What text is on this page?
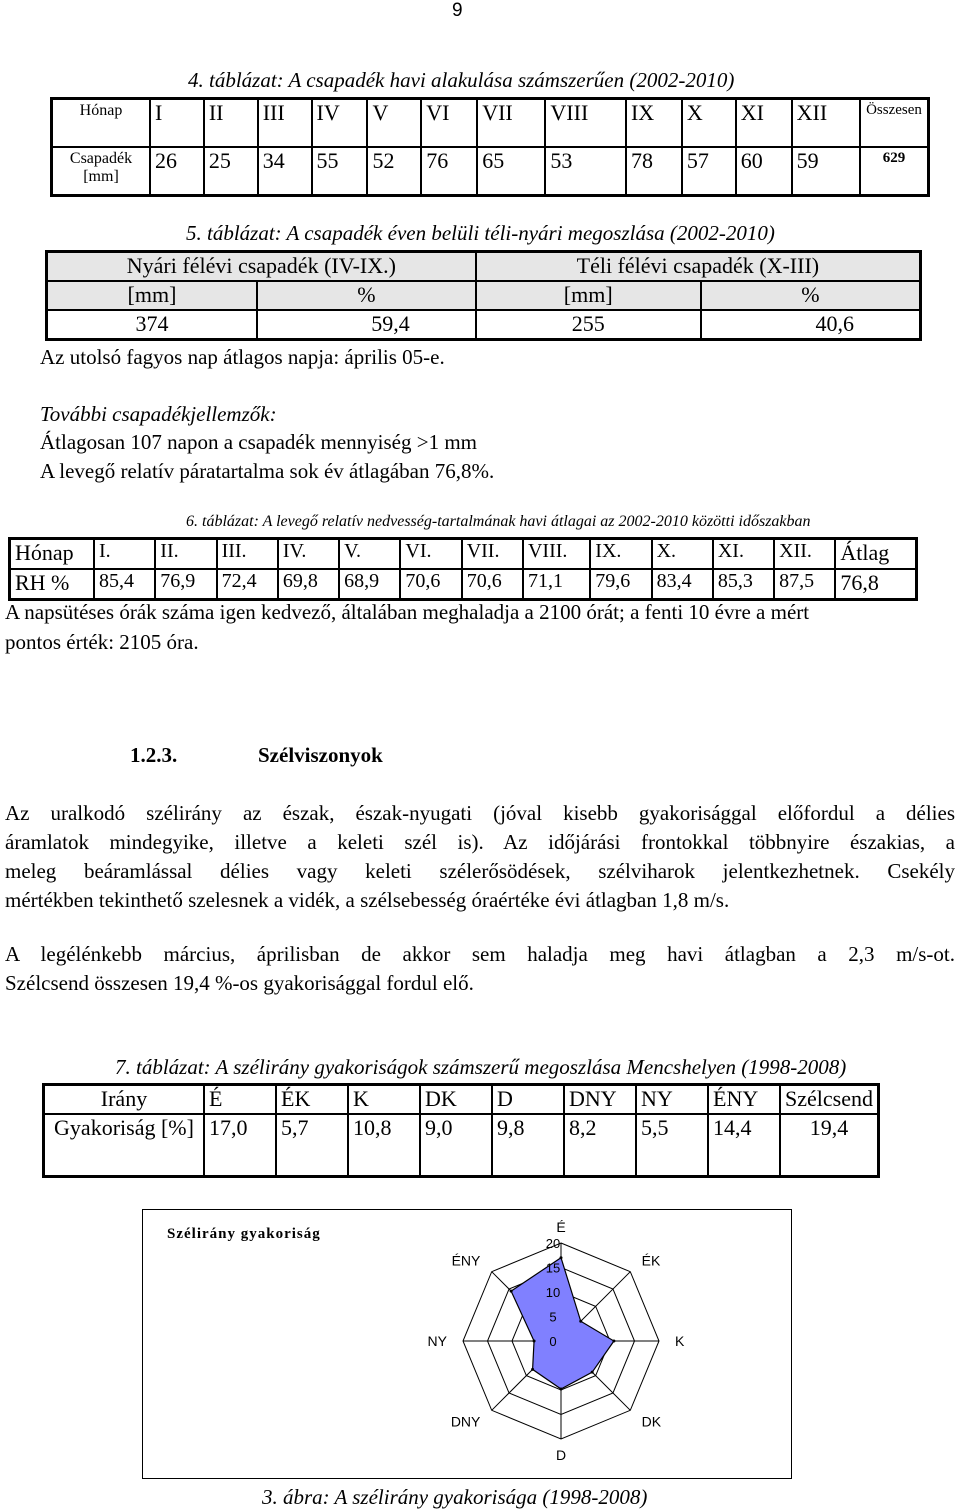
9
4. táblázat: A csapadék havi alakulása számszerűen (2002-2010)
Hónap	I	II	III	IV	V	VI	VII	VIII	IX	X	XI	XII	Összesen
Csapadék [mm]	26	25	34	55	52	76	65	53	78	57	60	59	629
5. táblázat: A csapadék éven belüli téli-nyári megoszlása (2002-2010)
Nyári félévi csapadék (IV-IX.)		Téli félévi csapadék (X-III)	
[mm]	%	[mm]	%
374	59,4	255	40,6
Az utolsó fagyos nap átlagos napja: április 05-e.
További csapadékjellemzők:
Átlagosan 107 napon a csapadék mennyiség >1 mm
A levegő relatív páratartalma sok év átlagában 76,8%.
6. táblázat: A levegő relatív nedvesség-tartalmának havi átlagai az 2002-2010 közötti időszakban
Hónap	I.	II.	III.	IV.	V.	VI.	VII.	VIII.	IX.	X.	XI.	XII.	Átlag
RH %	85,4	76,9	72,4	69,8	68,9	70,6	70,6	71,1	79,6	83,4	85,3	87,5	76,8
A napsütéses órák száma igen kedvező, általában meghaladja a 2100 órát; a fenti 10 évre a mért
pontos érték: 2105 óra.
1.2.3.	Szélviszonyok
Az uralkodó szélirány az észak, észak-nyugati (jóval kisebb gyakorisággal előfordul a délies
áramlatok mindegyike, illetve a keleti szél is). Az időjárási frontokkal többnyire északias, a
meleg beáramlással délies vagy keleti szélerősödések, szélviharok jelentkezhetnek. Csekély
mértékben tekinthető szelesnek a vidék, a szélsebesség óraértéke évi átlagban 1,8 m/s.
A legélénkebb március, áprilisban de akkor sem haladja meg havi átlagban a 2,3 m/s-ot.
Szélcsend összesen 19,4 %-os gyakorisággal fordul elő.
7. táblázat: A szélirány gyakoriságok számszerű megoszlása Mencshelyen (1998-2008)
Irány	É	ÉK	K	DK	D	DNY	NY	ÉNY	Szélcsend
Gyakoriság [%]	17,0	5,7	10,8	9,0	9,8	8,2	5,5	14,4	19,4
Szélirány gyakoriság
0
5
10
15
20
É
ÉK
K
DK
D
DNY
NY
ÉNY
3. ábra: A szélirány gyakorisága (1998-2008)
